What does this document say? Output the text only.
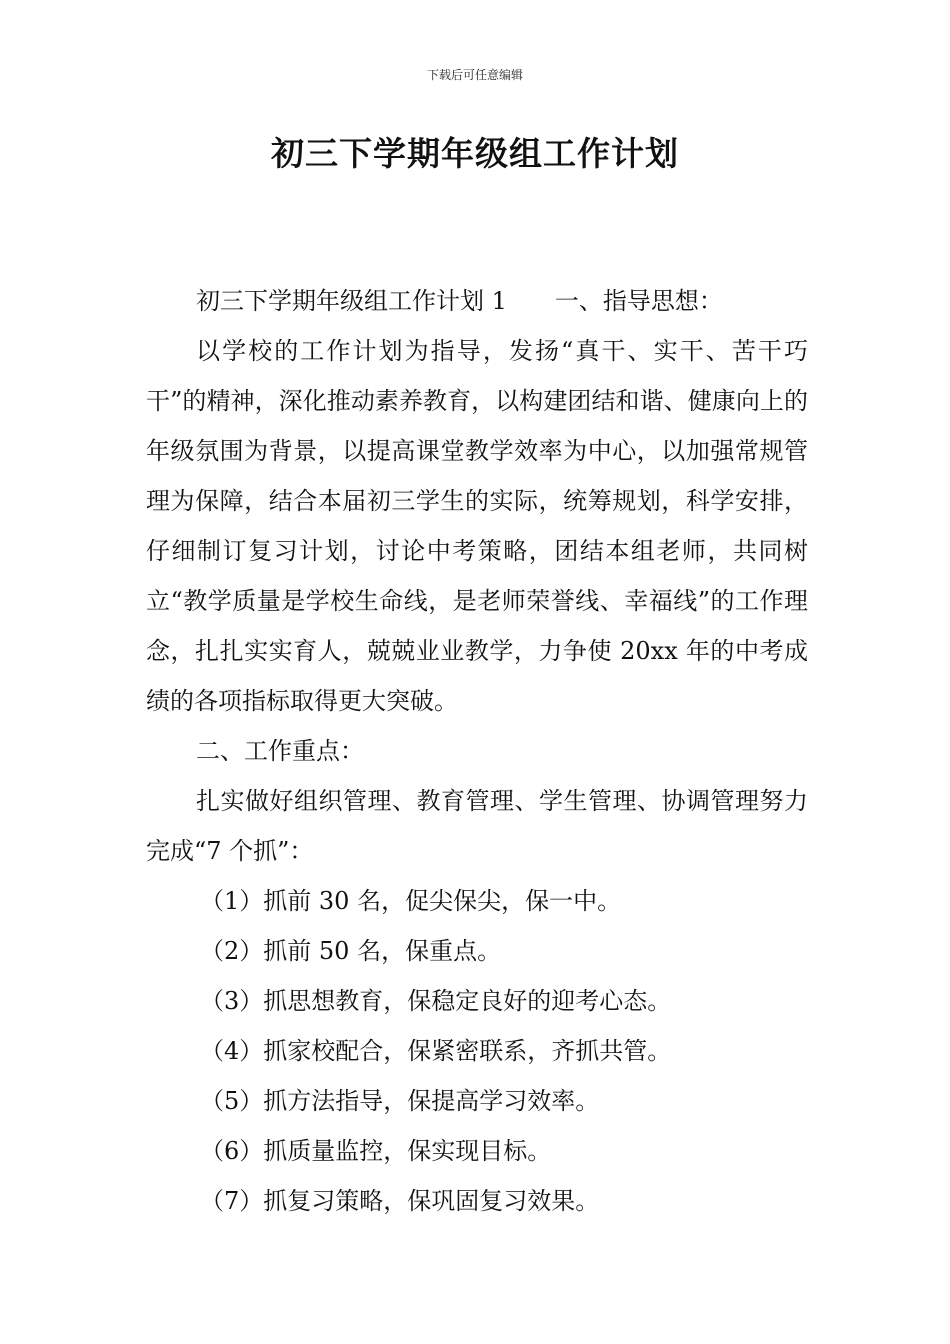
下载后可任意编辑
初三下学期年级组工作计划

初三下学期年级组工作计划 1 一、指导思想：

以学校的工作计划为指导，发扬“真干、实干、苦干巧干”的精神，深化推动素养教育，以构建团结和谐、健康向上的年级氛围为背景，以提高课堂教学效率为中心，以加强常规管理为保障，结合本届初三学生的实际，统筹规划，科学安排，仔细制订复习计划，讨论中考策略，团结本组老师，共同树立“教学质量是学校生命线，是老师荣誉线、幸福线”的工作理念，扎扎实实育人，兢兢业业教学，力争使 20xx 年的中考成绩的各项指标取得更大突破。

二、工作重点：

扎实做好组织管理、教育管理、学生管理、协调管理努力完成“7 个抓”：

（1）抓前 30 名，促尖保尖，保一中。

（2）抓前 50 名，保重点。

（3）抓思想教育，保稳定良好的迎考心态。

（4）抓家校配合，保紧密联系，齐抓共管。

（5）抓方法指导，保提高学习效率。

（6）抓质量监控，保实现目标。

（7）抓复习策略，保巩固复习效果。
